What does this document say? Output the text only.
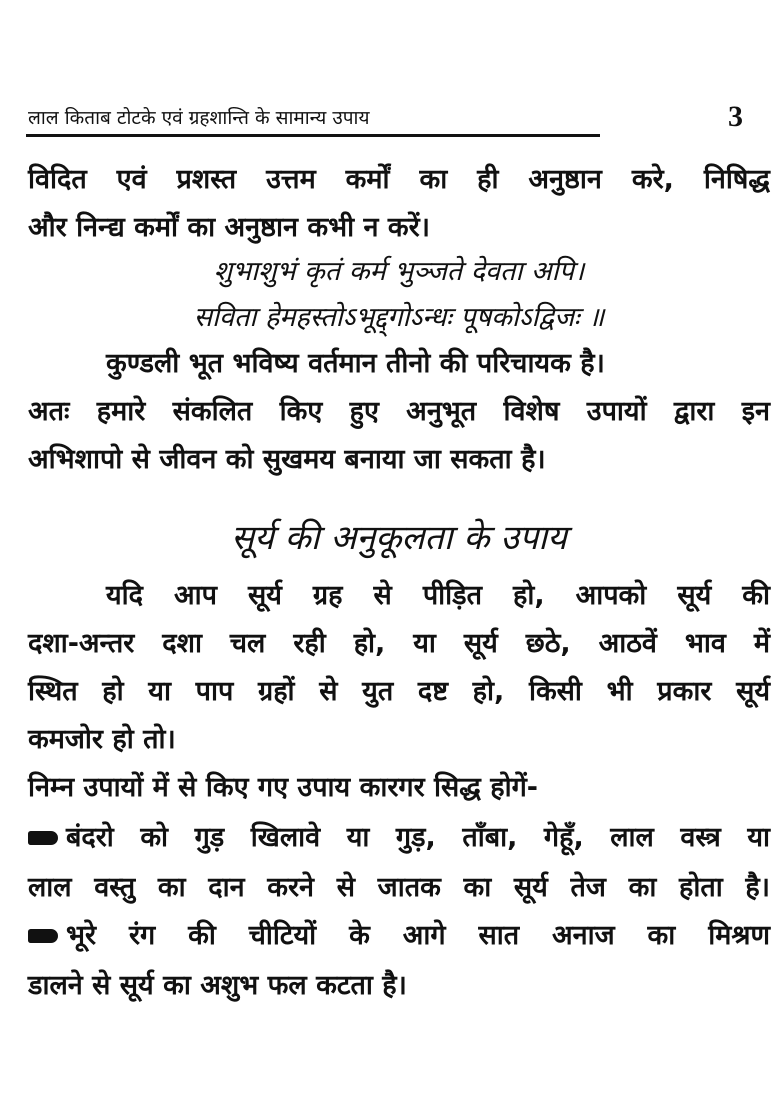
लाल किताब टोटके एवं ग्रहशान्ति के सामान्य उपाय	3
विदित एवं प्रशस्त उत्तम कर्मों का ही अनुष्ठान करे, निषिद्ध
और निन्द्य कर्मों का अनुष्ठान कभी न करें।
शुभाशुभं कृतं कर्म भुञ्जते देवता अपि।
सविता हेमहस्तोऽभूद्द्गोऽन्धः पूषकोऽद्विजः ॥
कुण्डली भूत भविष्य वर्तमान तीनो की परिचायक है।
अतः हमारे संकलित किए हुए अनुभूत विशेष उपायों द्वारा इन
अभिशापो से जीवन को सुखमय बनाया जा सकता है।
सूर्य की अनुकूलता के उपाय
यदि आप सूर्य ग्रह से पीड़ित हो, आपको सूर्य की
दशा-अन्तर दशा चल रही हो, या सूर्य छठे, आठवें भाव में
स्थित हो या पाप ग्रहों से युत दष्ट हो, किसी भी प्रकार सूर्य
कमजोर हो तो।
निम्न उपायों में से किए गए उपाय कारगर सिद्ध होगें-
बंदरो को गुड़ खिलावे या गुड़, ताँबा, गेहूँ, लाल वस्त्र या
लाल वस्तु का दान करने से जातक का सूर्य तेज का होता है।
भूरे रंग की चीटियों के आगे सात अनाज का मिश्रण
डालने से सूर्य का अशुभ फल कटता है।
